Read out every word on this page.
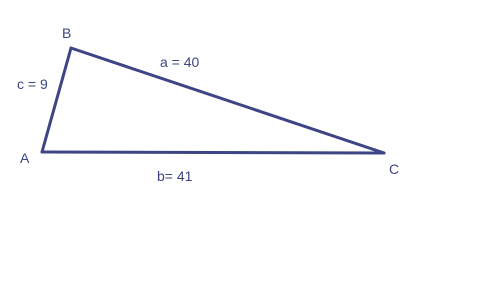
A
B
C
a = 40
b= 41
c = 9
